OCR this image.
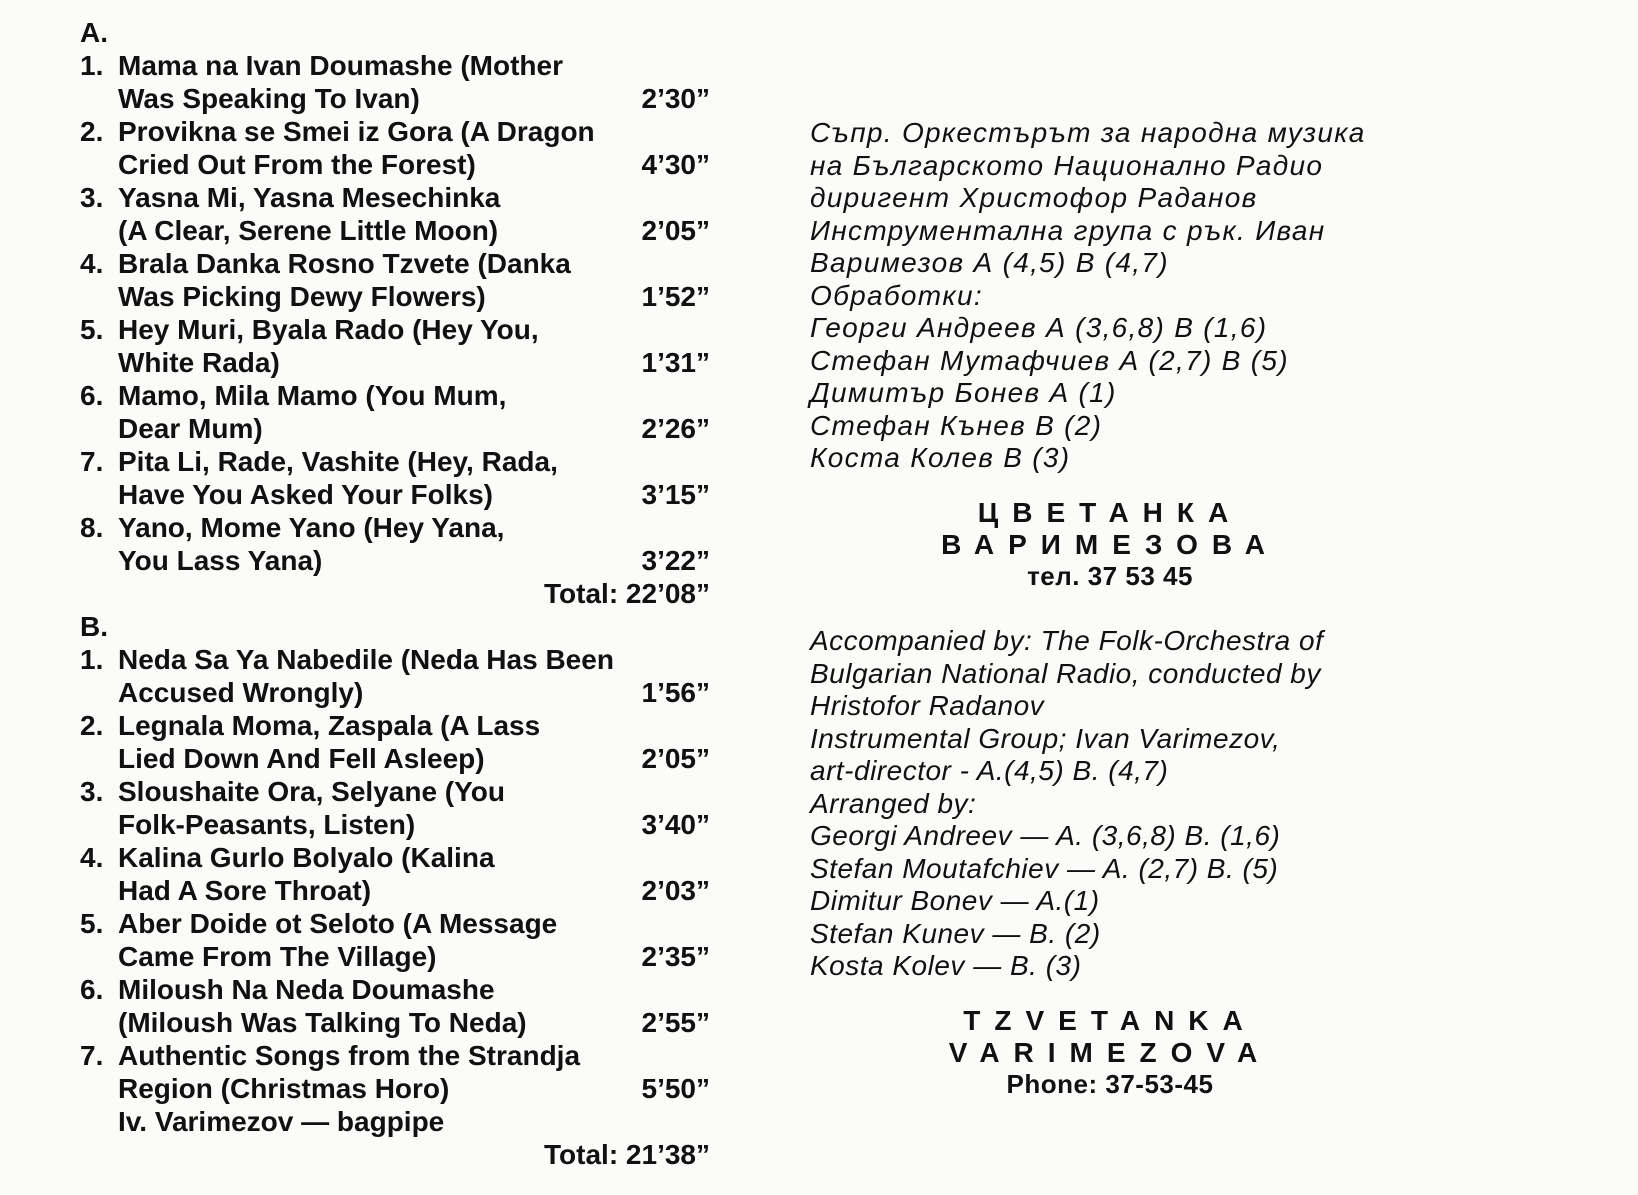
A.
1. Mama na Ivan Doumashe (Mother
Was Speaking To Ivan)	2’30”
2. Provikna se Smei iz Gora (A Dragon
Cried Out From the Forest)	4’30”
3. Yasna Mi, Yasna Mesechinka
(A Clear, Serene Little Moon)	2’05”
4. Brala Danka Rosno Tzvete (Danka
Was Picking Dewy Flowers)	1’52”
5. Hey Muri, Byala Rado (Hey You,
White Rada)	1’31”
6. Mamo, Mila Mamo (You Mum,
Dear Mum)	2’26”
7. Pita Li, Rade, Vashite (Hey, Rada,
Have You Asked Your Folks)	3’15”
8. Yano, Mome Yano (Hey Yana,
You Lass Yana)	3’22”
Total: 22’08”
B.
1. Neda Sa Ya Nabedile (Neda Has Been
Accused Wrongly)	1’56”
2. Legnala Moma, Zaspala (A Lass
Lied Down And Fell Asleep)	2’05”
3. Sloushaite Ora, Selyane (You
Folk-Peasants, Listen)	3’40”
4. Kalina Gurlo Bolyalo (Kalina
Had A Sore Throat)	2’03”
5. Aber Doide ot Seloto (A Message
Came From The Village)	2’35”
6. Miloush Na Neda Doumashe
(Miloush Was Talking To Neda)	2’55”
7. Authentic Songs from the Strandja
Region (Christmas Horo)	5’50”
Iv. Varimezov — bagpipe
Total: 21’38”
Съпр. Оркестърът за народна музика
на Българското Национално Радио
диригент Христофор Раданов
Инструментална група с рък. Иван
Варимезов А (4,5) В (4,7)
Обработки:
Георги Андреев А (3,6,8) В (1,6)
Стефан Мутафчиев А (2,7) В (5)
Димитър Бонев А (1)
Стефан Кънев В (2)
Коста Колев В (3)
ЦВЕТАНКА ВАРИМЕЗОВА
тел. 37 53 45
Accompanied by: The Folk-Orchestra of
Bulgarian National Radio, conducted by
Hristofor Radanov
Instrumental Group; Ivan Varimezov,
art-director - A.(4,5) B. (4,7)
Arranged by:
Georgi Andreev — A. (3,6,8) B. (1,6)
Stefan Moutafchiev — A. (2,7) B. (5)
Dimitur Bonev — A.(1)
Stefan Kunev — B. (2)
Kosta Kolev — B. (3)
TZVETANKA VARIMEZOVA
Phone: 37-53-45
